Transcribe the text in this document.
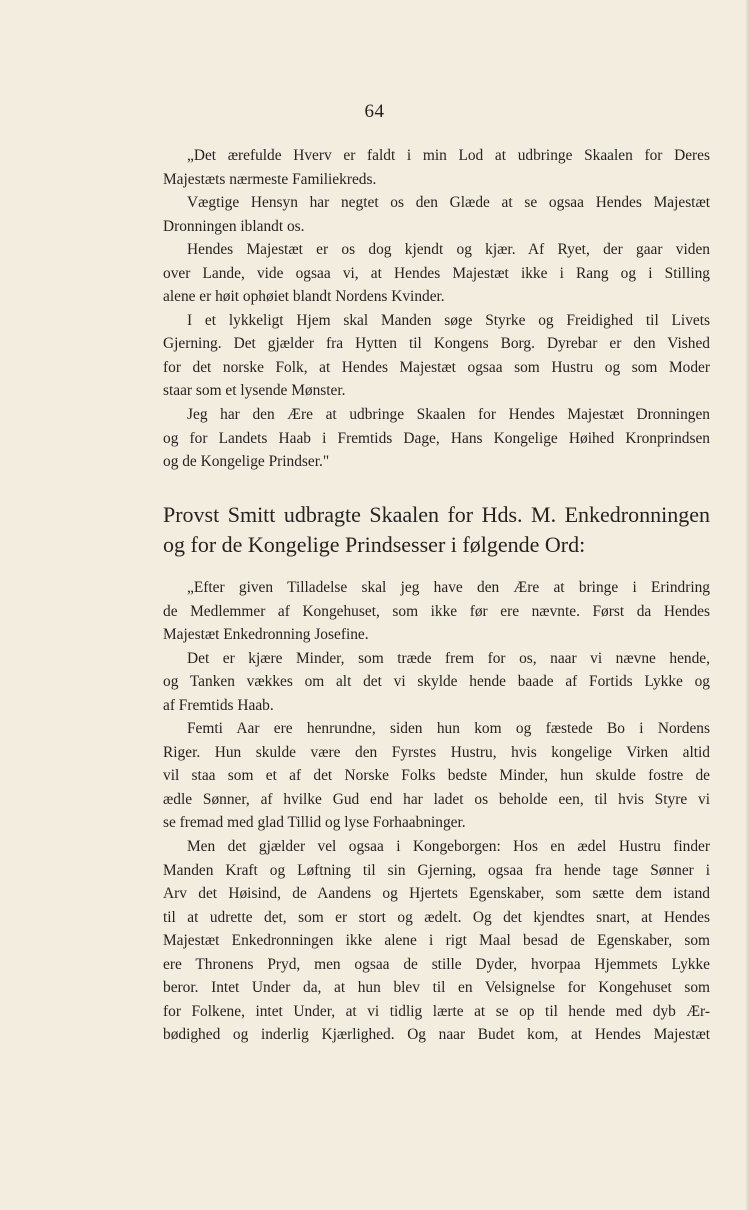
64
„Det ærefulde Hverv er faldt i min Lod at udbringe Skaalen for Deres
Majestæts nærmeste Familiekreds.
Vægtige Hensyn har negtet os den Glæde at se ogsaa Hendes Majestæt
Dronningen iblandt os.
Hendes Majestæt er os dog kjendt og kjær. Af Ryet, der gaar viden
over Lande, vide ogsaa vi, at Hendes Majestæt ikke i Rang og i Stilling
alene er høit ophøiet blandt Nordens Kvinder.
I et lykkeligt Hjem skal Manden søge Styrke og Freidighed til Livets
Gjerning. Det gjælder fra Hytten til Kongens Borg. Dyrebar er den Vished
for det norske Folk, at Hendes Majestæt ogsaa som Hustru og som Moder
staar som et lysende Mønster.
Jeg har den Ære at udbringe Skaalen for Hendes Majestæt Dronningen
og for Landets Haab i Fremtids Dage, Hans Kongelige Høihed Kronprindsen
og de Kongelige Prindser."
Provst Smitt udbragte Skaalen for Hds. M. Enkedronningen
og for de Kongelige Prindsesser i følgende Ord:
„Efter given Tilladelse skal jeg have den Ære at bringe i Erindring
de Medlemmer af Kongehuset, som ikke før ere nævnte. Først da Hendes
Majestæt Enkedronning Josefine.
Det er kjære Minder, som træde frem for os, naar vi nævne hende,
og Tanken vækkes om alt det vi skylde hende baade af Fortids Lykke og
af Fremtids Haab.
Femti Aar ere henrundne, siden hun kom og fæstede Bo i Nordens
Riger. Hun skulde være den Fyrstes Hustru, hvis kongelige Virken altid
vil staa som et af det Norske Folks bedste Minder, hun skulde fostre de
ædle Sønner, af hvilke Gud end har ladet os beholde een, til hvis Styre vi
se fremad med glad Tillid og lyse Forhaabninger.
Men det gjælder vel ogsaa i Kongeborgen: Hos en ædel Hustru finder
Manden Kraft og Løftning til sin Gjerning, ogsaa fra hende tage Sønner i
Arv det Høisind, de Aandens og Hjertets Egenskaber, som sætte dem istand
til at udrette det, som er stort og ædelt. Og det kjendtes snart, at Hendes
Majestæt Enkedronningen ikke alene i rigt Maal besad de Egenskaber, som
ere Thronens Pryd, men ogsaa de stille Dyder, hvorpaa Hjemmets Lykke
beror. Intet Under da, at hun blev til en Velsignelse for Kongehuset som
for Folkene, intet Under, at vi tidlig lærte at se op til hende med dyb Ær-
bødighed og inderlig Kjærlighed. Og naar Budet kom, at Hendes Majestæt
